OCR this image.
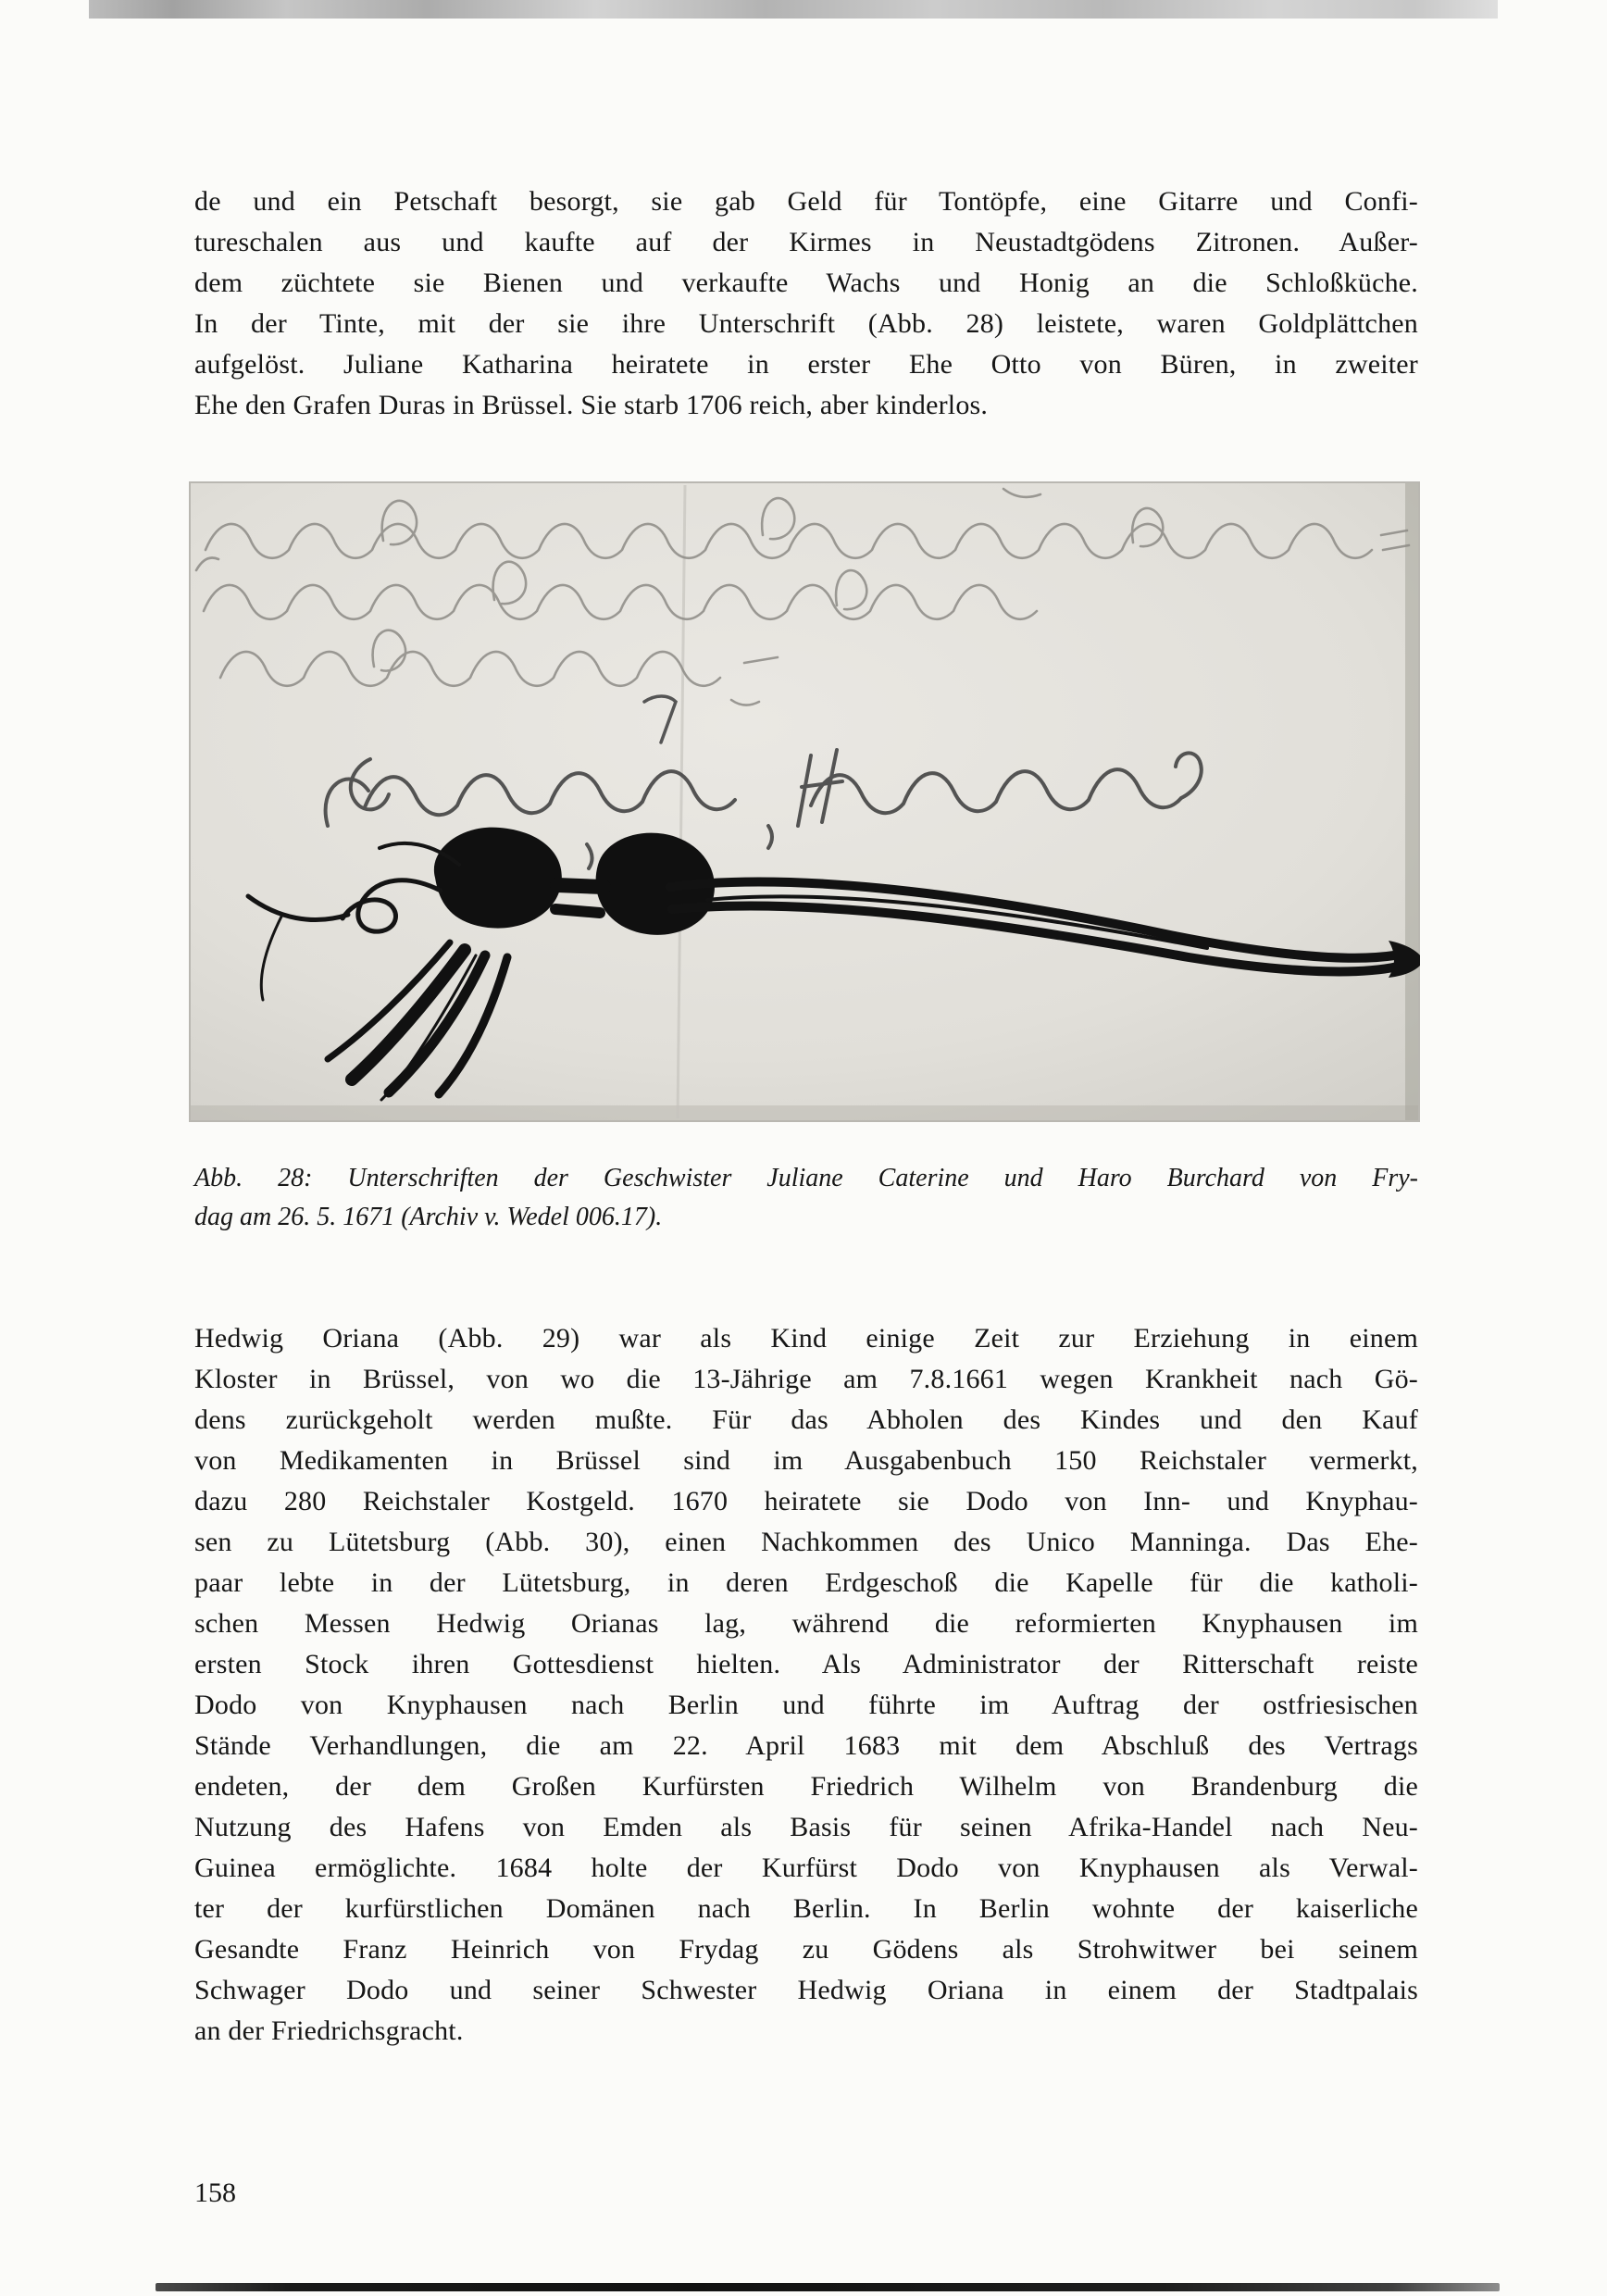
de und ein Petschaft besorgt, sie gab Geld für Tontöpfe, eine Gitarre und Confi-
tureschalen aus und kaufte auf der Kirmes in Neustadtgödens Zitronen. Außer-
dem züchtete sie Bienen und verkaufte Wachs und Honig an die Schloßküche.
In der Tinte, mit der sie ihre Unterschrift (Abb. 28) leistete, waren Goldplättchen
aufgelöst. Juliane Katharina heiratete in erster Ehe Otto von Büren, in zweiter
Ehe den Grafen Duras in Brüssel. Sie starb 1706 reich, aber kinderlos.
Abb. 28: Unterschriften der Geschwister Juliane Caterine und Haro Burchard von Fry-
dag am 26. 5. 1671 (Archiv v. Wedel 006.17).
Hedwig Oriana (Abb. 29) war als Kind einige Zeit zur Erziehung in einem
Kloster in Brüssel, von wo die 13-Jährige am 7.8.1661 wegen Krankheit nach Gö-
dens zurückgeholt werden mußte. Für das Abholen des Kindes und den Kauf
von Medikamenten in Brüssel sind im Ausgabenbuch 150 Reichstaler vermerkt,
dazu 280 Reichstaler Kostgeld. 1670 heiratete sie Dodo von Inn- und Knyphau-
sen zu Lütetsburg (Abb. 30), einen Nachkommen des Unico Manninga. Das Ehe-
paar lebte in der Lütetsburg, in deren Erdgeschoß die Kapelle für die katholi-
schen Messen Hedwig Orianas lag, während die reformierten Knyphausen im
ersten Stock ihren Gottesdienst hielten. Als Administrator der Ritterschaft reiste
Dodo von Knyphausen nach Berlin und führte im Auftrag der ostfriesischen
Stände Verhandlungen, die am 22. April 1683 mit dem Abschluß des Vertrags
endeten, der dem Großen Kurfürsten Friedrich Wilhelm von Brandenburg die
Nutzung des Hafens von Emden als Basis für seinen Afrika-Handel nach Neu-
Guinea ermöglichte. 1684 holte der Kurfürst Dodo von Knyphausen als Verwal-
ter der kurfürstlichen Domänen nach Berlin. In Berlin wohnte der kaiserliche
Gesandte Franz Heinrich von Frydag zu Gödens als Strohwitwer bei seinem
Schwager Dodo und seiner Schwester Hedwig Oriana in einem der Stadtpalais
an der Friedrichsgracht.
158
